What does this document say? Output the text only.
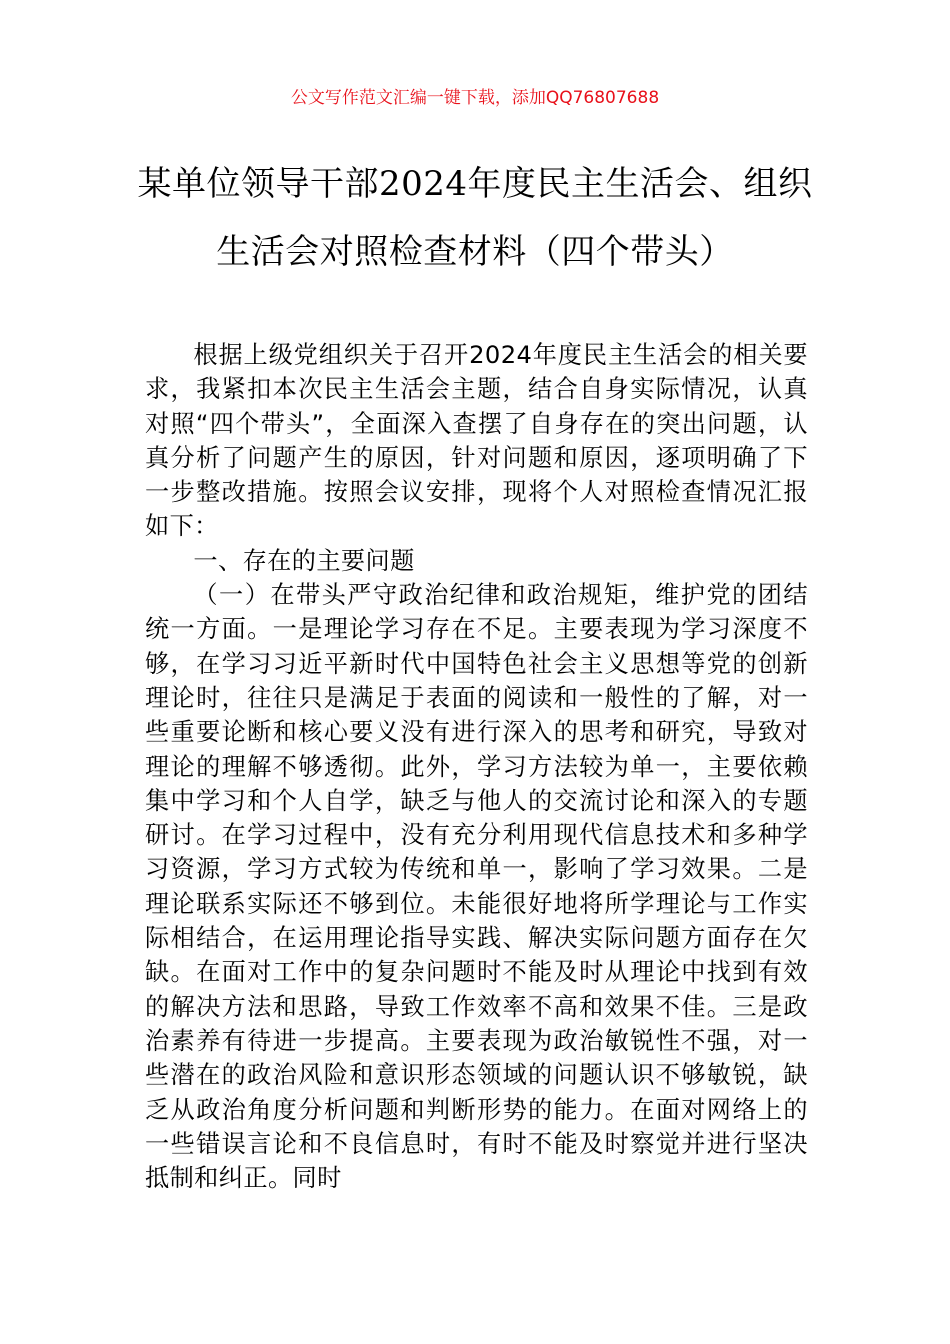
公文写作范文汇编一键下载，添加QQ76807688
某单位领导干部2024年度民主生活会、组织生活会对照检查材料（四个带头）

根据上级党组织关于召开2024年度民主生活会的相关要求，我紧扣本次民主生活会主题，结合自身实际情况，认真对照“四个带头”，全面深入查摆了自身存在的突出问题，认真分析了问题产生的原因，针对问题和原因，逐项明确了下一步整改措施。按照会议安排，现将个人对照检查情况汇报如下：

一、存在的主要问题

（一）在带头严守政治纪律和政治规矩，维护党的团结统一方面。一是理论学习存在不足。主要表现为学习深度不够，在学习习近平新时代中国特色社会主义思想等党的创新理论时，往往只是满足于表面的阅读和一般性的了解，对一些重要论断和核心要义没有进行深入的思考和研究，导致对理论的理解不够透彻。此外，学习方法较为单一，主要依赖集中学习和个人自学，缺乏与他人的交流讨论和深入的专题研讨。在学习过程中，没有充分利用现代信息技术和多种学习资源，学习方式较为传统和单一，影响了学习效果。二是理论联系实际还不够到位。未能很好地将所学理论与工作实际相结合，在运用理论指导实践、解决实际问题方面存在欠缺。在面对工作中的复杂问题时不能及时从理论中找到有效的解决方法和思路，导致工作效率不高和效果不佳。三是政治素养有待进一步提高。主要表现为政治敏锐性不强，对一些潜在的政治风险和意识形态领域的问题认识不够敏锐，缺乏从政治角度分析问题和判断形势的能力。在面对网络上的一些错误言论和不良信息时，有时不能及时察觉并进行坚决抵制和纠正。同时
